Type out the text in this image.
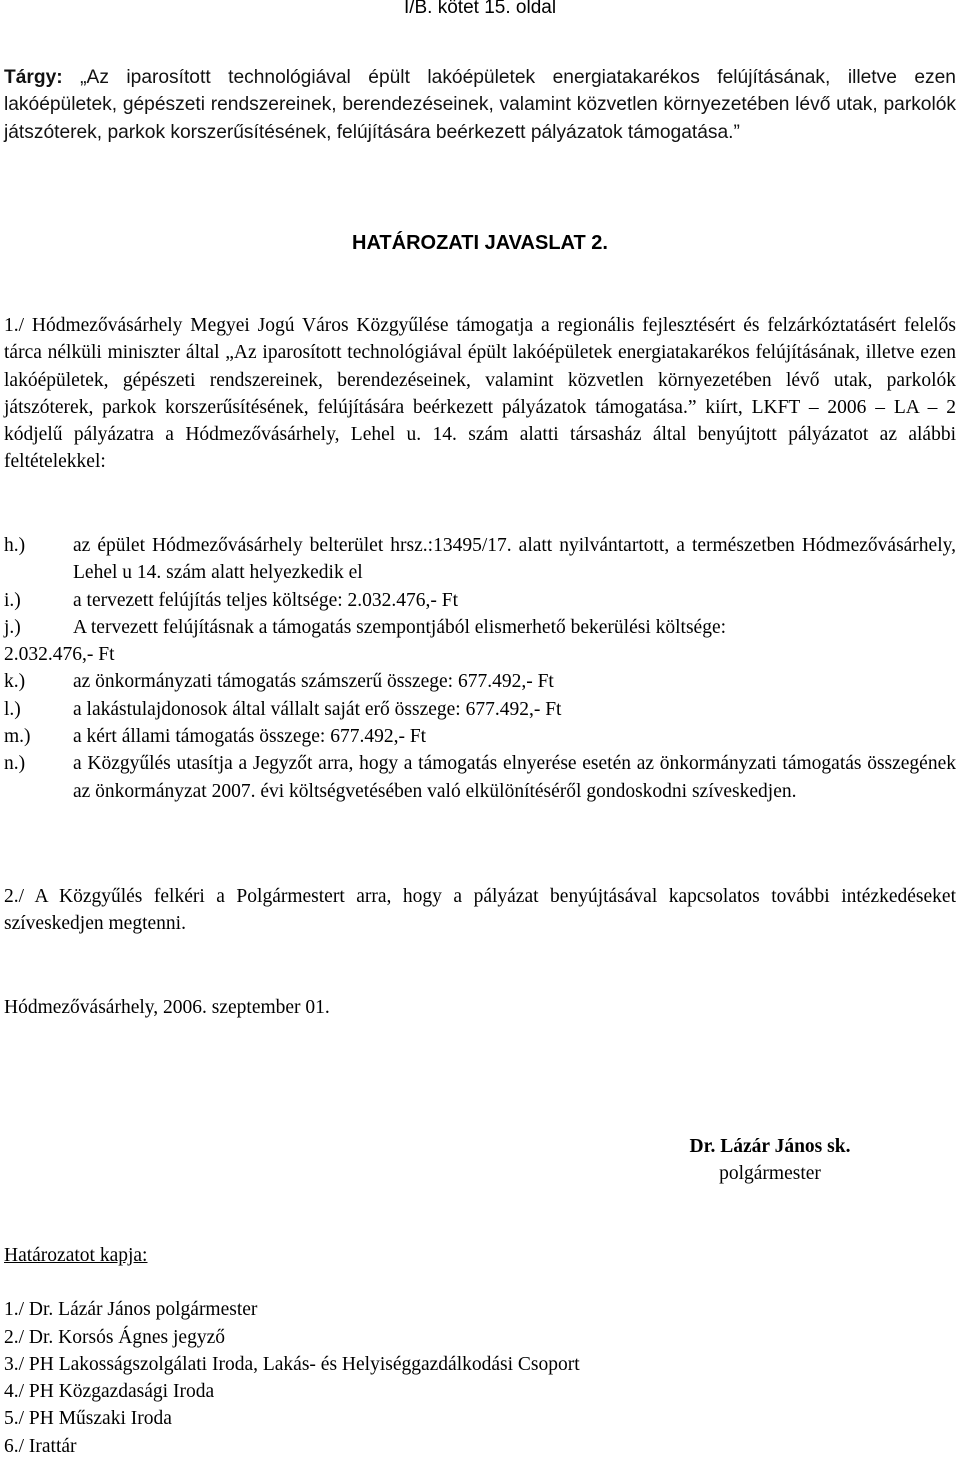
I/B. kötet 15. oldal
Tárgy: „Az iparosított technológiával épült lakóépületek energiatakarékos felújításának, illetve ezen lakóépületek, gépészeti rendszereinek, berendezéseinek, valamint közvetlen környezetében lévő utak, parkolók játszóterek, parkok korszerűsítésének, felújítására beérkezett pályázatok támogatása.”
HATÁROZATI JAVASLAT 2.
1./ Hódmezővásárhely Megyei Jogú Város Közgyűlése támogatja a regionális fejlesztésért és felzárkóztatásért felelős tárca nélküli miniszter által „Az iparosított technológiával épült lakóépületek energiatakarékos felújításának, illetve ezen lakóépületek, gépészeti rendszereinek, berendezéseinek, valamint közvetlen környezetében lévő utak, parkolók játszóterek, parkok korszerűsítésének, felújítására beérkezett pályázatok támogatása.” kiírt, LKFT – 2006 – LA – 2 kódjelű pályázatra a Hódmezővásárhely, Lehel u. 14. szám alatti társasház által benyújtott pályázatot az alábbi feltételekkel:
h.)	az épület Hódmezővásárhely belterület hrsz.:13495/17. alatt nyilvántartott, a természetben Hódmezővásárhely, Lehel u 14. szám alatt helyezkedik el
i.)	a tervezett felújítás teljes költsége: 2.032.476,- Ft
j.)	A tervezett felújításnak a támogatás szempontjából elismerhető bekerülési költsége:
2.032.476,- Ft
k.)	az önkormányzati támogatás számszerű összege: 677.492,- Ft
l.)	a lakástulajdonosok által vállalt saját erő összege: 677.492,- Ft
m.)	a kért állami támogatás összege: 677.492,- Ft
n.)	a Közgyűlés utasítja a Jegyzőt arra, hogy a támogatás elnyerése esetén az önkormányzati támogatás összegének az önkormányzat 2007. évi költségvetésében való elkülönítéséről gondoskodni szíveskedjen.
2./ A Közgyűlés felkéri a Polgármestert arra, hogy a pályázat benyújtásával kapcsolatos további intézkedéseket szíveskedjen megtenni.
Hódmezővásárhely, 2006. szeptember 01.
Dr. Lázár János sk.
polgármester
Határozatot kapja:
1./ Dr. Lázár János polgármester
2./ Dr. Korsós Ágnes jegyző
3./ PH Lakosságszolgálati Iroda, Lakás- és Helyiséggazdálkodási Csoport
4./ PH Közgazdasági Iroda
5./ PH Műszaki Iroda
6./ Irattár
